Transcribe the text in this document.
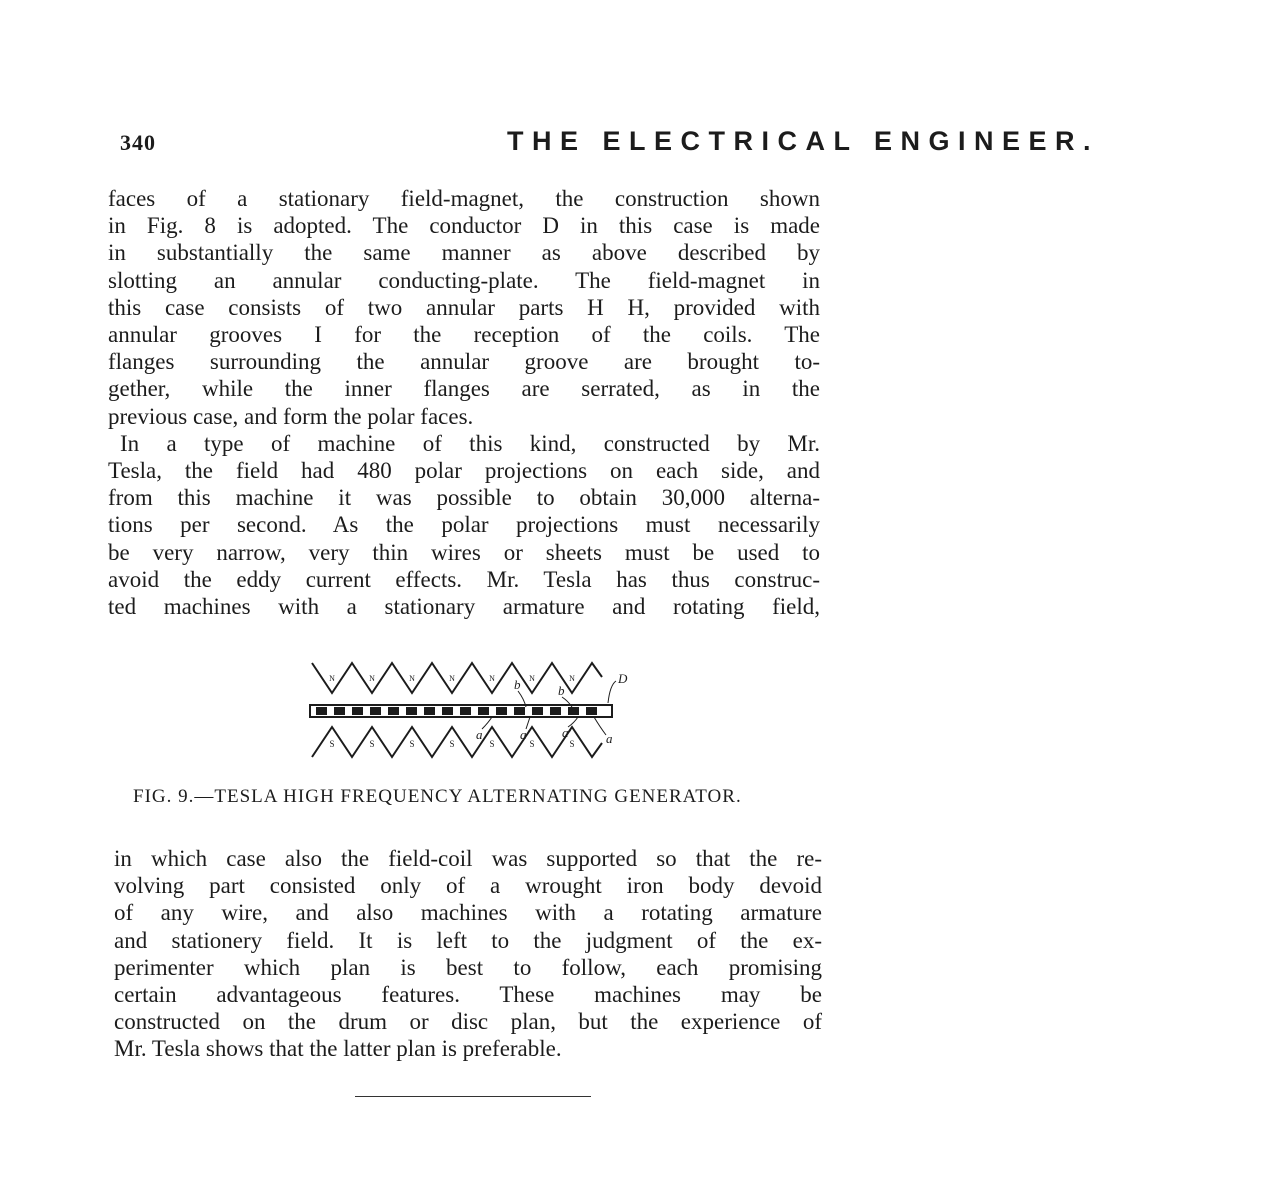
340	THE ELECTRICAL ENGINEER.

faces of a stationary field-magnet, the construction shown

in Fig. 8 is adopted. The conductor D in this case is made

in substantially the same manner as above described by

slotting an annular conducting-plate. The field-magnet in

this case consists of two annular parts H H, provided with

annular grooves I for the reception of the coils. The

flanges surrounding the annular groove are brought to-

gether, while the inner flanges are serrated, as in the

previous case, and form the polar faces.

In a type of machine of this kind, constructed by Mr.

Tesla, the field had 480 polar projections on each side, and

from this machine it was possible to obtain 30,000 alterna-

tions per second. As the polar projections must necessarily

be very narrow, very thin wires or sheets must be used to

avoid the eddy current effects. Mr. Tesla has thus construc-

ted machines with a stationary armature and rotating field,

N	N	N	N	N	N	N
S	S	S	S	S	S	S
D
b	b
a	a'	a'	a
FIG. 9.—TESLA HIGH FREQUENCY ALTERNATING GENERATOR.

in which case also the field-coil was supported so that the re-

volving part consisted only of a wrought iron body devoid

of any wire, and also machines with a rotating armature

and stationery field. It is left to the judgment of the ex-

perimenter which plan is best to follow, each promising

certain advantageous features. These machines may be

constructed on the drum or disc plan, but the experience of

Mr. Tesla shows that the latter plan is preferable.
